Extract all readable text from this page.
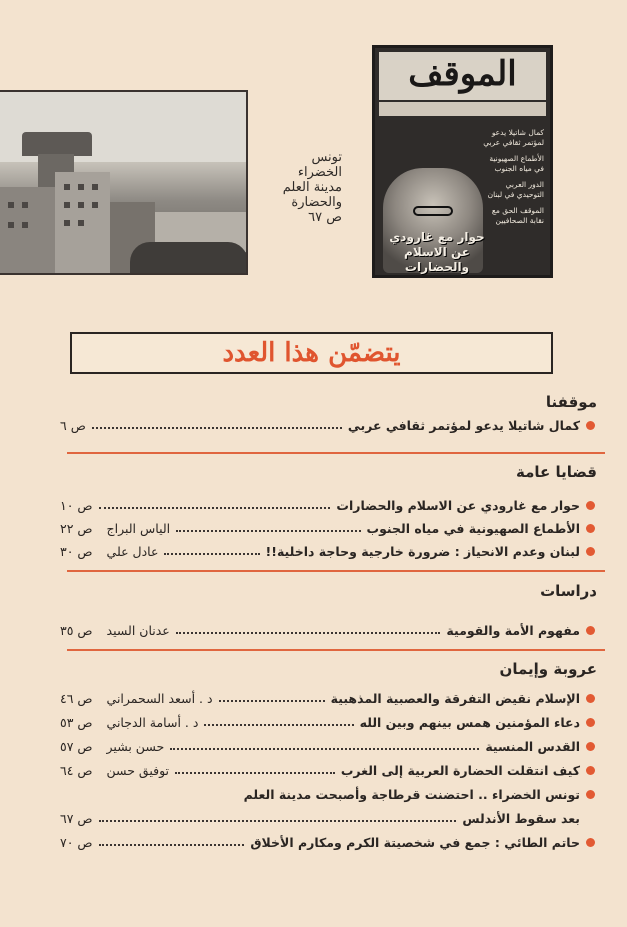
تونس
الخضراء
مدينة العلم
والحضارة
ص ٦٧
الموقف
كمال شاتيلا يدعو لمؤتمر ثقافي عربي
الأطماع الصهيونية في مياه الجنوب
الدور العربي التوحيدي في لبنان
الموقف الحق مع نقابة الصحافيين
حوار مع غارودي عن الاسلام والحضارات
يتضمّن هذا العدد
موقفنا
كمال شاتيلا يدعو لمؤتمر ثقافي عربي
ص ٦
قضايا عامة
حوار مع غارودي عن الاسلام والحضارات
ص ١٠
الأطماع الصهيونية في مياه الجنوب
الياس البراج
ص ٢٢
لبنان وعدم الانحياز : ضرورة خارجية وحاجة داخلية!!
عادل علي
ص ٣٠
دراسات
مفهوم الأمة والقومية
عدنان السيد
ص ٣٥
عروبة وإيمان
الإسلام نقيض التفرقة والعصبية المذهبية
د . أسعد السحمراني
ص ٤٦
دعاء المؤمنين همس بينهم وبين الله
د . أسامة الدجاني
ص ٥٣
القدس المنسية
حسن بشير
ص ٥٧
كيف انتقلت الحضارة العربية إلى الغرب
توفيق حسن
ص ٦٤
تونس الخضراء .. احتضنت قرطاجة وأصبحت مدينة العلم
بعد سقوط الأندلس
ص ٦٧
حاتم الطائي : جمع في شخصيتة الكرم ومكارم الأخلاق
ص ٧٠
